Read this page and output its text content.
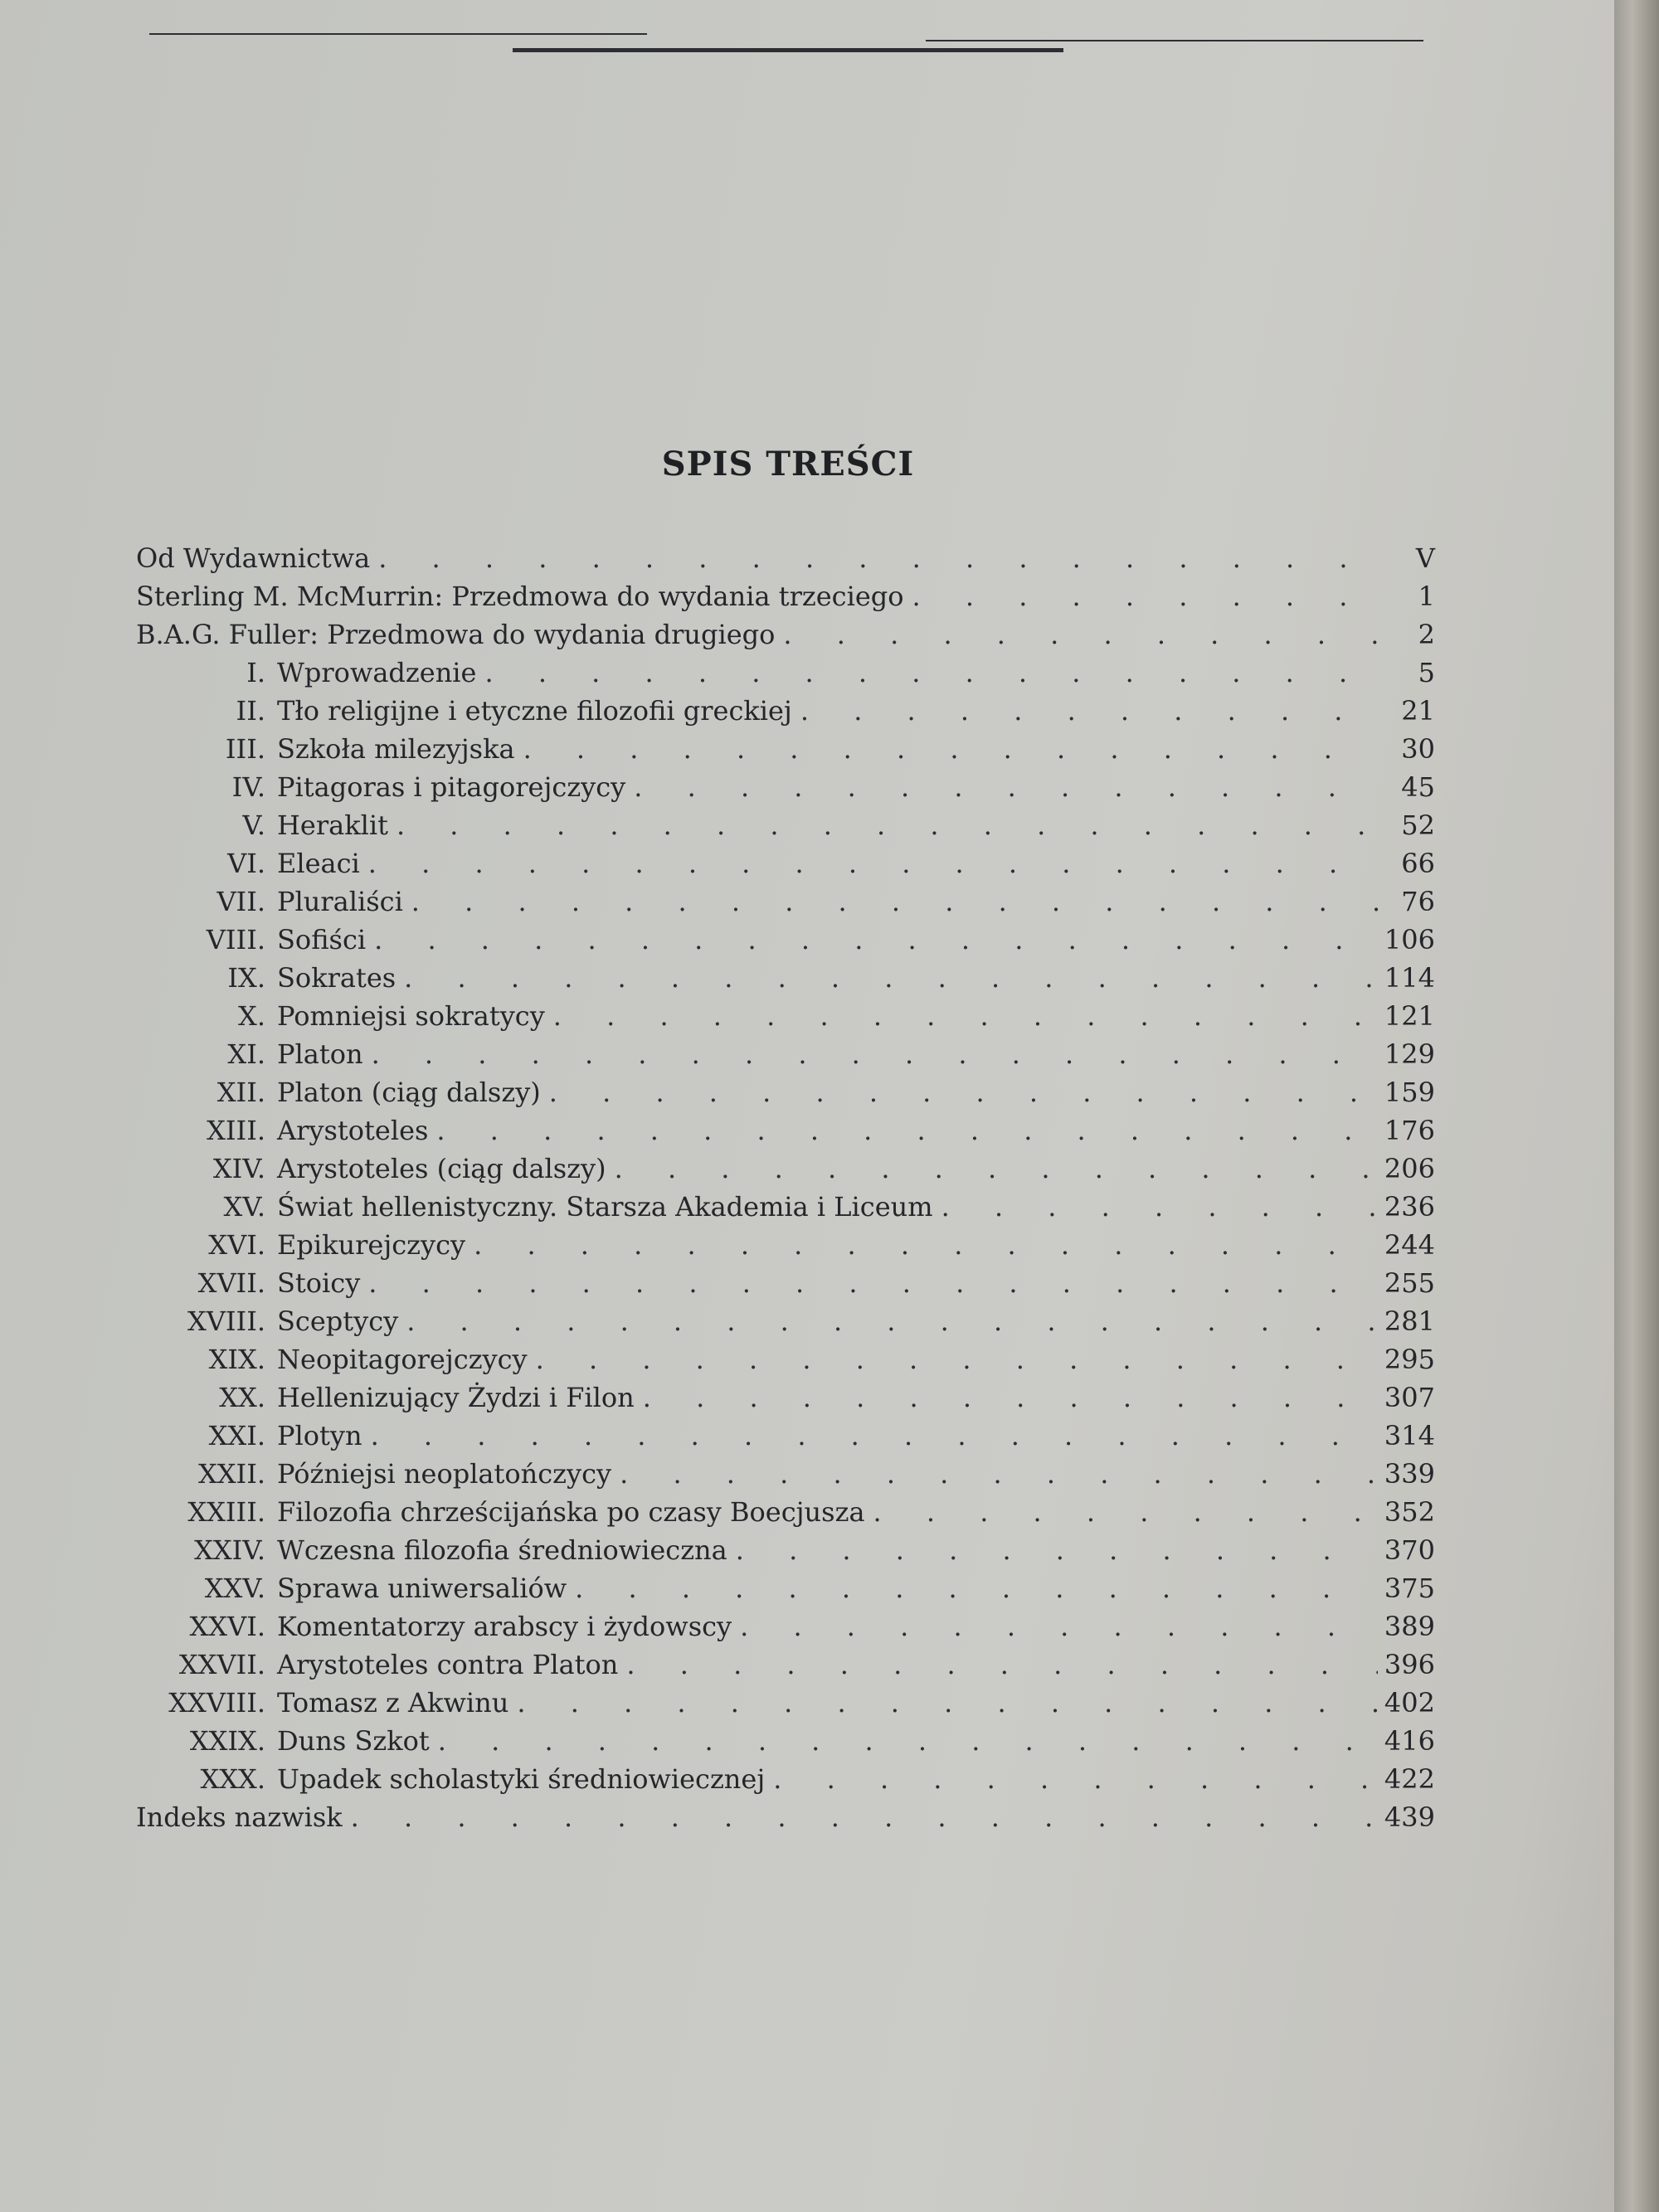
SPIS TREŚCI
Od Wydawnictwa . . .	V
Sterling M. McMurrin: Przedmowa do wydania trzeciego . . .	1
B.A.G. Fuller: Przedmowa do wydania drugiego . . .	2
I. Wprowadzenie . . .	5
II. Tło religijne i etyczne filozofii greckiej . . .	21
III. Szkoła milezyjska . . .	30
IV. Pitagoras i pitagorejczycy . . .	45
V. Heraklit . . .	52
VI. Eleaci . . .	66
VII. Pluraliści . . .	76
VIII. Sofiści . . .	106
IX. Sokrates . . .	114
X. Pomniejsi sokratycy . . .	121
XI. Platon . . .	129
XII. Platon (ciąg dalszy) . . .	159
XIII. Arystoteles . . .	176
XIV. Arystoteles (ciąg dalszy) . . .	206
XV. Świat hellenistyczny. Starsza Akademia i Liceum . . .	236
XVI. Epikurejczycy . . .	244
XVII. Stoicy . . .	255
XVIII. Sceptycy . . .	281
XIX. Neopitagorejczycy . . .	295
XX. Hellenizujący Żydzi i Filon . . .	307
XXI. Plotyn . . .	314
XXII. Późniejsi neoplatończycy . . .	339
XXIII. Filozofia chrześcijańska po czasy Boecjusza . . .	352
XXIV. Wczesna filozofia średniowieczna . . .	370
XXV. Sprawa uniwersaliów . . .	375
XXVI. Komentatorzy arabscy i żydowscy . . .	389
XXVII. Arystoteles contra Platon . . .	396
XXVIII. Tomasz z Akwinu . . .	402
XXIX. Duns Szkot . . .	416
XXX. Upadek scholastyki średniowiecznej . . .	422
Indeks nazwisk . . .	439
